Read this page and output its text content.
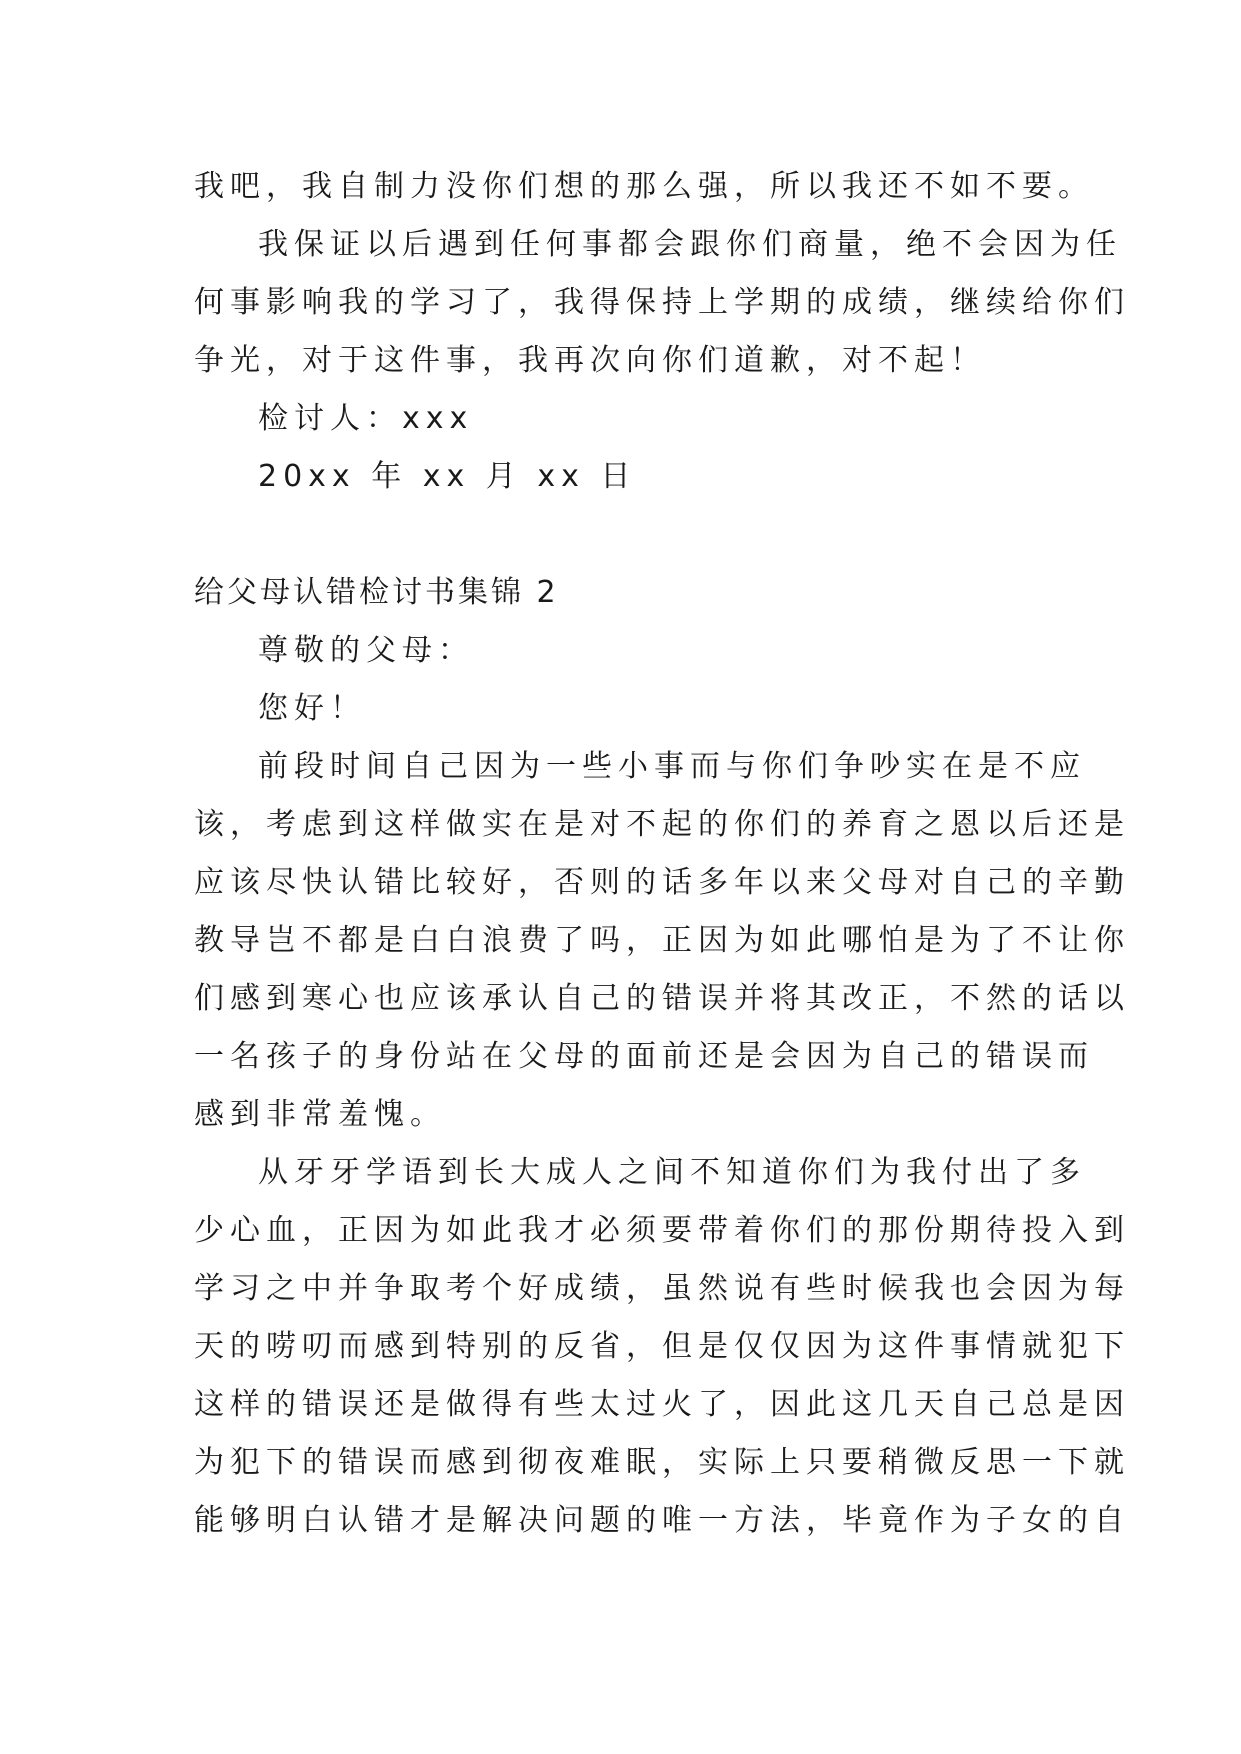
我吧，我自制力没你们想的那么强，所以我还不如不要。
我保证以后遇到任何事都会跟你们商量，绝不会因为任
何事影响我的学习了，我得保持上学期的成绩，继续给你们
争光，对于这件事，我再次向你们道歉，对不起！
检讨人：xxx
20xx 年 xx 月 xx 日
给父母认错检讨书集锦 2
尊敬的父母：
您好！
前段时间自己因为一些小事而与你们争吵实在是不应
该，考虑到这样做实在是对不起的你们的养育之恩以后还是
应该尽快认错比较好，否则的话多年以来父母对自己的辛勤
教导岂不都是白白浪费了吗，正因为如此哪怕是为了不让你
们感到寒心也应该承认自己的错误并将其改正，不然的话以
一名孩子的身份站在父母的面前还是会因为自己的错误而
感到非常羞愧。
从牙牙学语到长大成人之间不知道你们为我付出了多
少心血，正因为如此我才必须要带着你们的那份期待投入到
学习之中并争取考个好成绩，虽然说有些时候我也会因为每
天的唠叨而感到特别的反省，但是仅仅因为这件事情就犯下
这样的错误还是做得有些太过火了，因此这几天自己总是因
为犯下的错误而感到彻夜难眠，实际上只要稍微反思一下就
能够明白认错才是解决问题的唯一方法，毕竟作为子女的自
